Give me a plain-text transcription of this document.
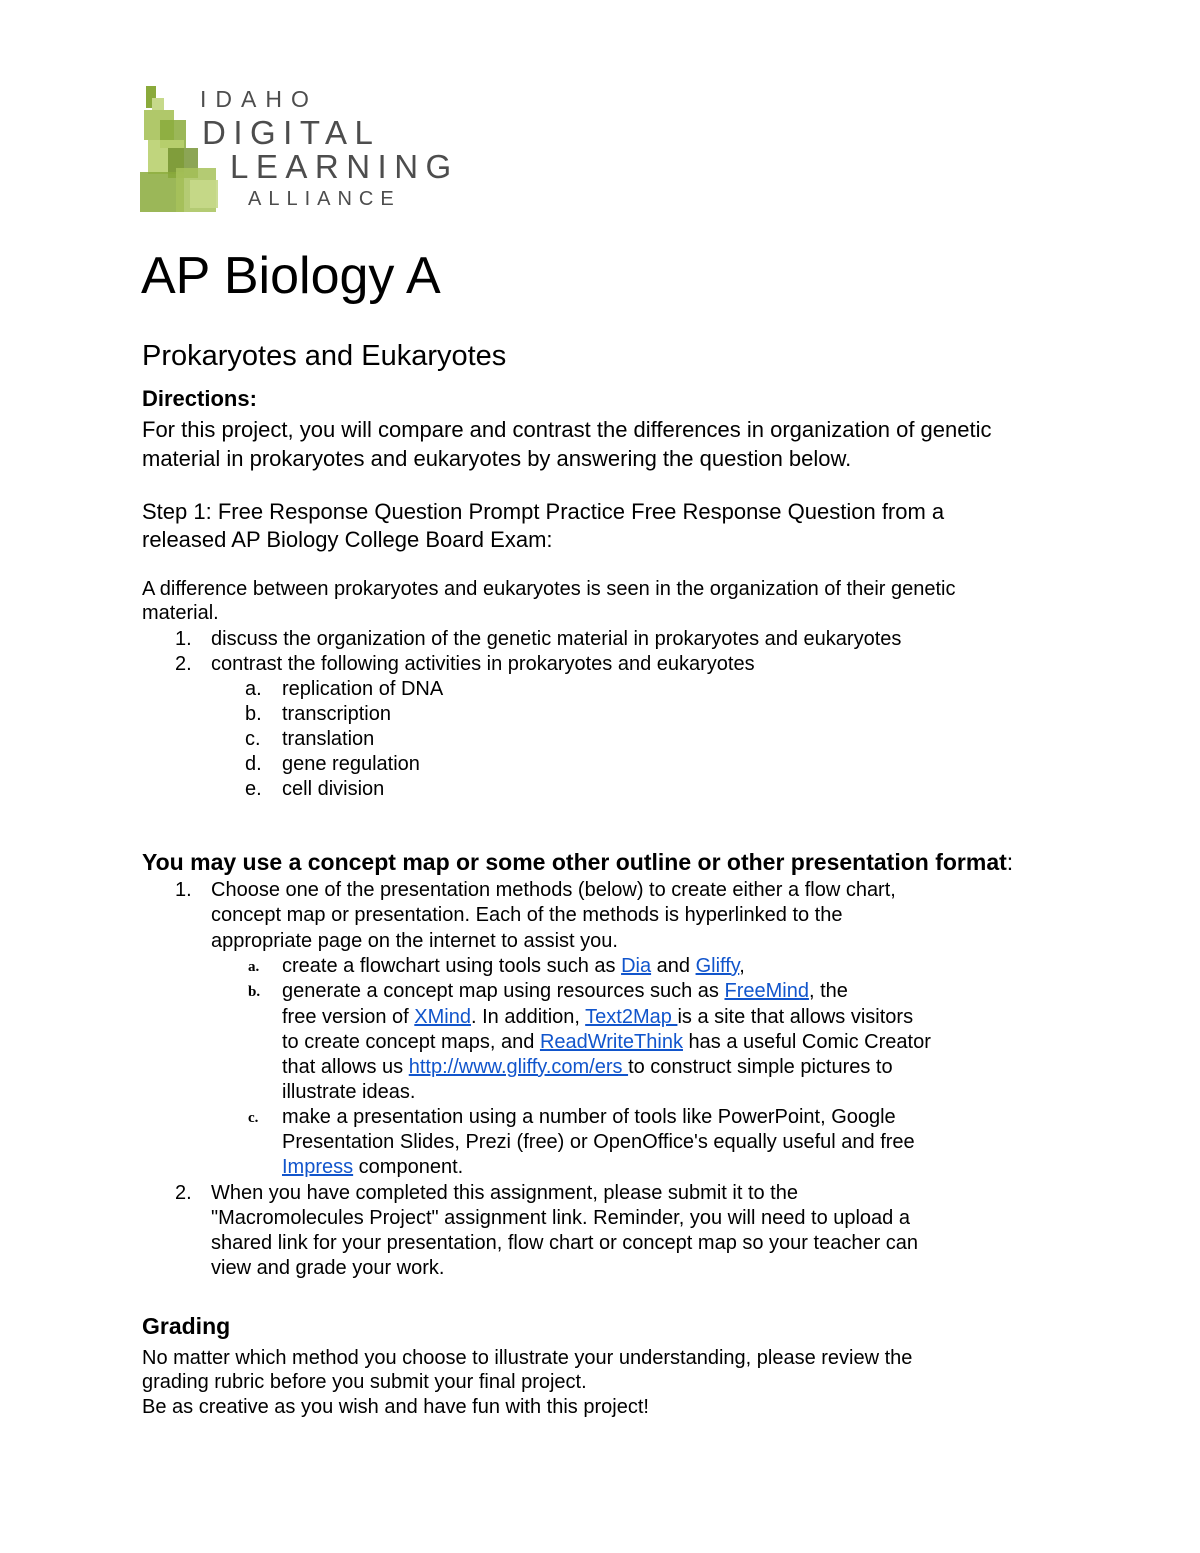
IDAHO
DIGITAL
LEARNING
ALLIANCE
AP Biology A
Prokaryotes and Eukaryotes
Directions:
For this project, you will compare and contrast the differences in organization of genetic
material in prokaryotes and eukaryotes by answering the question below.
Step 1: Free Response Question Prompt Practice Free Response Question from a
released AP Biology College Board Exam:
A difference between prokaryotes and eukaryotes is seen in the organization of their genetic
material.
1. discuss the organization of the genetic material in prokaryotes and eukaryotes
2. contrast the following activities in prokaryotes and eukaryotes
a. replication of DNA
b. transcription
c. translation
d. gene regulation
e. cell division
You may use a concept map or some other outline or other presentation format:
1. Choose one of the presentation methods (below) to create either a flow chart,
concept map or presentation. Each of the methods is hyperlinked to the
appropriate page on the internet to assist you.
a. create a flowchart using tools such as Dia and Gliffy,
b. generate a concept map using resources such as FreeMind, the
free version of XMind. In addition, Text2Map is a site that allows visitors
to create concept maps, and ReadWriteThink has a useful Comic Creator
that allows us http://www.gliffy.com/ers to construct simple pictures to
illustrate ideas.
c. make a presentation using a number of tools like PowerPoint, Google
Presentation Slides, Prezi (free) or OpenOffice's equally useful and free
Impress component.
2. When you have completed this assignment, please submit it to the
"Macromolecules Project" assignment link. Reminder, you will need to upload a
shared link for your presentation, flow chart or concept map so your teacher can
view and grade your work.
Grading
No matter which method you choose to illustrate your understanding, please review the
grading rubric before you submit your final project.
Be as creative as you wish and have fun with this project!
